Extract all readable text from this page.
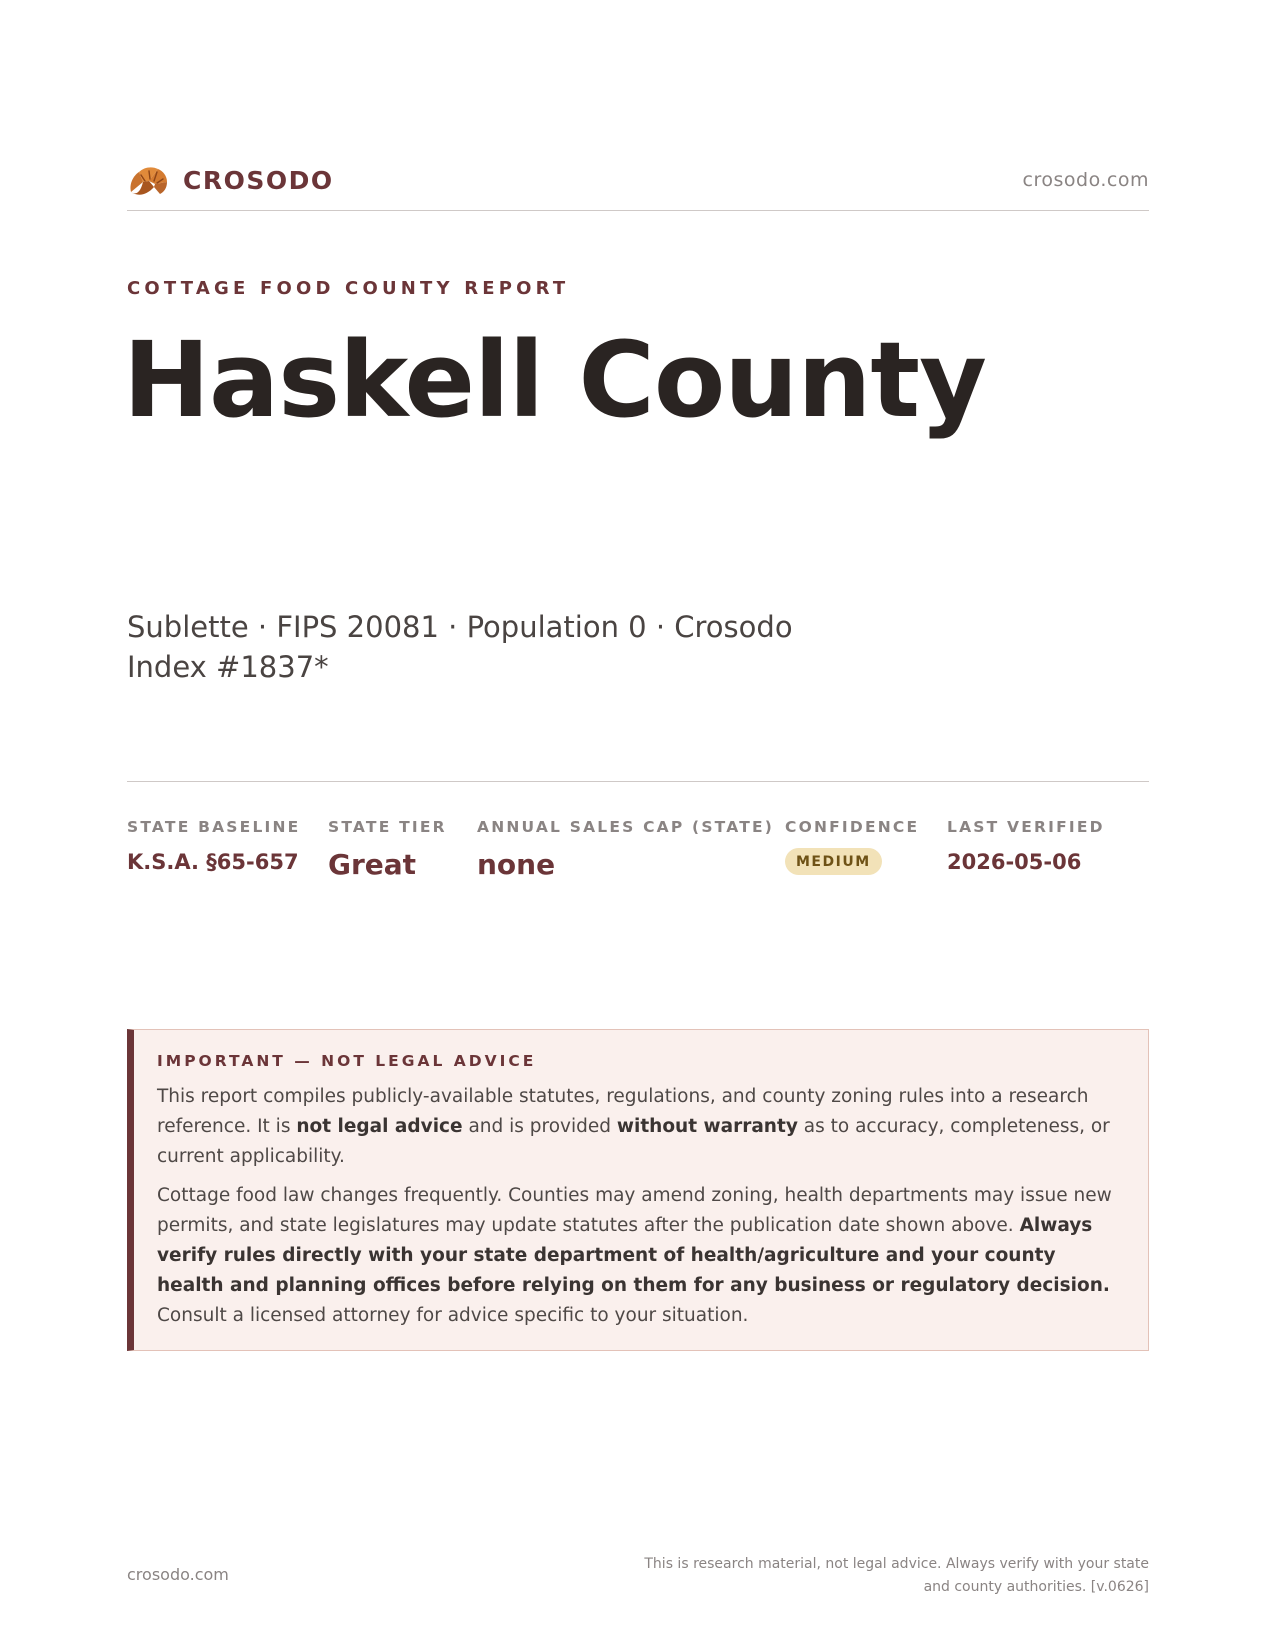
CROSODO	crosodo.com
COTTAGE FOOD COUNTY REPORT
Haskell County
Sublette · FIPS 20081 · Population 0 · Crosodo Index #1837*
STATE BASELINE
K.S.A. §65-657
STATE TIER
Great
ANNUAL SALES CAP (STATE)
none
CONFIDENCE
MEDIUM
LAST VERIFIED
2026-05-06
IMPORTANT — NOT LEGAL ADVICE

This report compiles publicly-available statutes, regulations, and county zoning rules into a research reference. It is not legal advice and is provided without warranty as to accuracy, completeness, or current applicability.

Cottage food law changes frequently. Counties may amend zoning, health departments may issue new permits, and state legislatures may update statutes after the publication date shown above. Always verify rules directly with your state department of health/agriculture and your county health and planning offices before relying on them for any business or regulatory decision. Consult a licensed attorney for advice specific to your situation.

crosodo.com
This is research material, not legal advice. Always verify with your state and county authorities. [v.0626]
